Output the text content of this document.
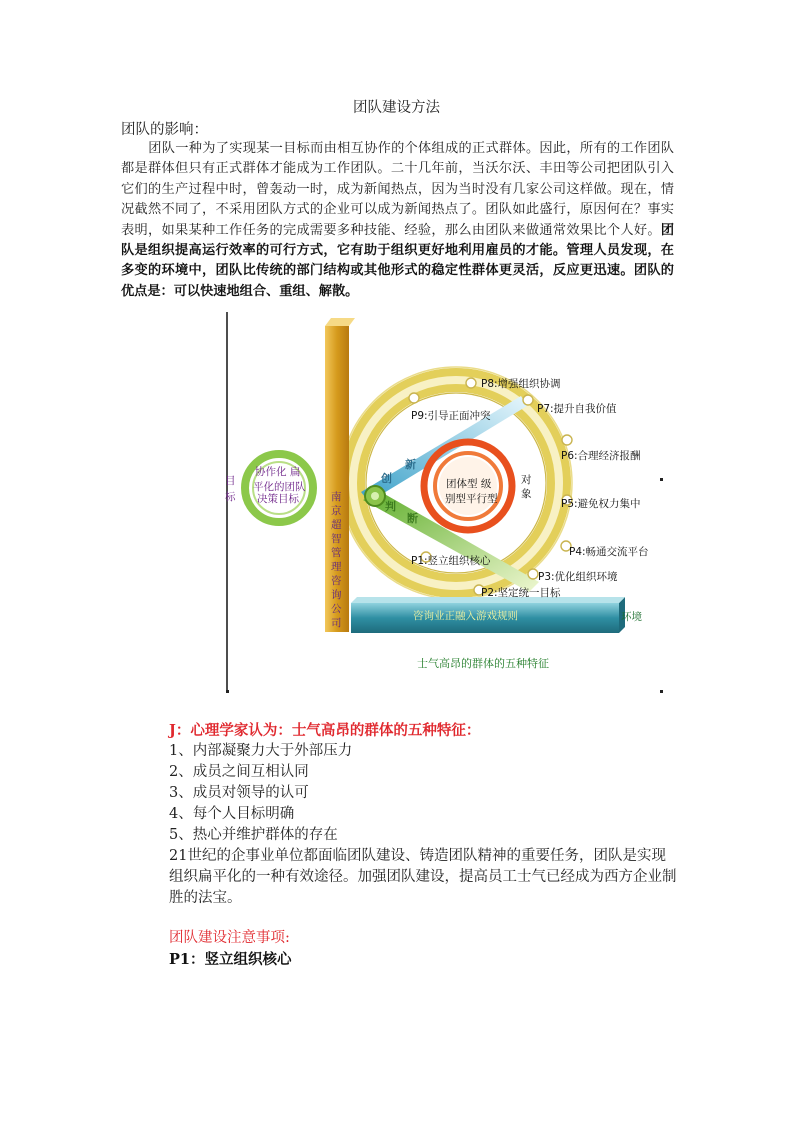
团队建设方法
团队的影响：
团队一种为了实现某一目标而由相互协作的个体组成的正式群体。因此，所有的工作团队都是群体但只有正式群体才能成为工作团队。二十几年前，当沃尔沃、丰田等公司把团队引入它们的生产过程中时，曾轰动一时，成为新闻热点，因为当时没有几家公司这样做。现在，情况截然不同了，不采用团队方式的企业可以成为新闻热点了。团队如此盛行，原因何在？事实表明，如果某种工作任务的完成需要多种技能、经验，那么由团队来做通常效果比个人好。团队是组织提高运行效率的可行方式，它有助于组织更好地利用雇员的才能。管理人员发现，在多变的环境中，团队比传统的部门结构或其他形式的稳定性群体更灵活，反应更迅速。团队的优点是：可以快速地组合、重组、解散。
P8:增强组织协调
P9:引导正面冲突
P7:提升自我价值
P6:合理经济报酬
P5:避免权力集中
P4:畅通交流平台
P3:优化组织环境
P1:竖立组织核心
P2:坚定统一目标
团体型 级
别型平行型
对
象
协作化 扁
平化的团队
决策目标
目
标	南
京
超
智
管
理
咨
询
公
司
创
新
判
断
咨询业正融入游戏规则	环境
士气高昂的群体的五种特征
J：心理学家认为：士气高昂的群体的五种特征：
1、内部凝聚力大于外部压力
2、成员之间互相认同
3、成员对领导的认可
4、每个人目标明确
5、热心并维护群体的存在
21世纪的企事业单位都面临团队建设、铸造团队精神的重要任务，团队是实现组织扁平化的一种有效途径。加强团队建设，提高员工士气已经成为西方企业制胜的法宝。
团队建设注意事项:
P1：竖立组织核心
